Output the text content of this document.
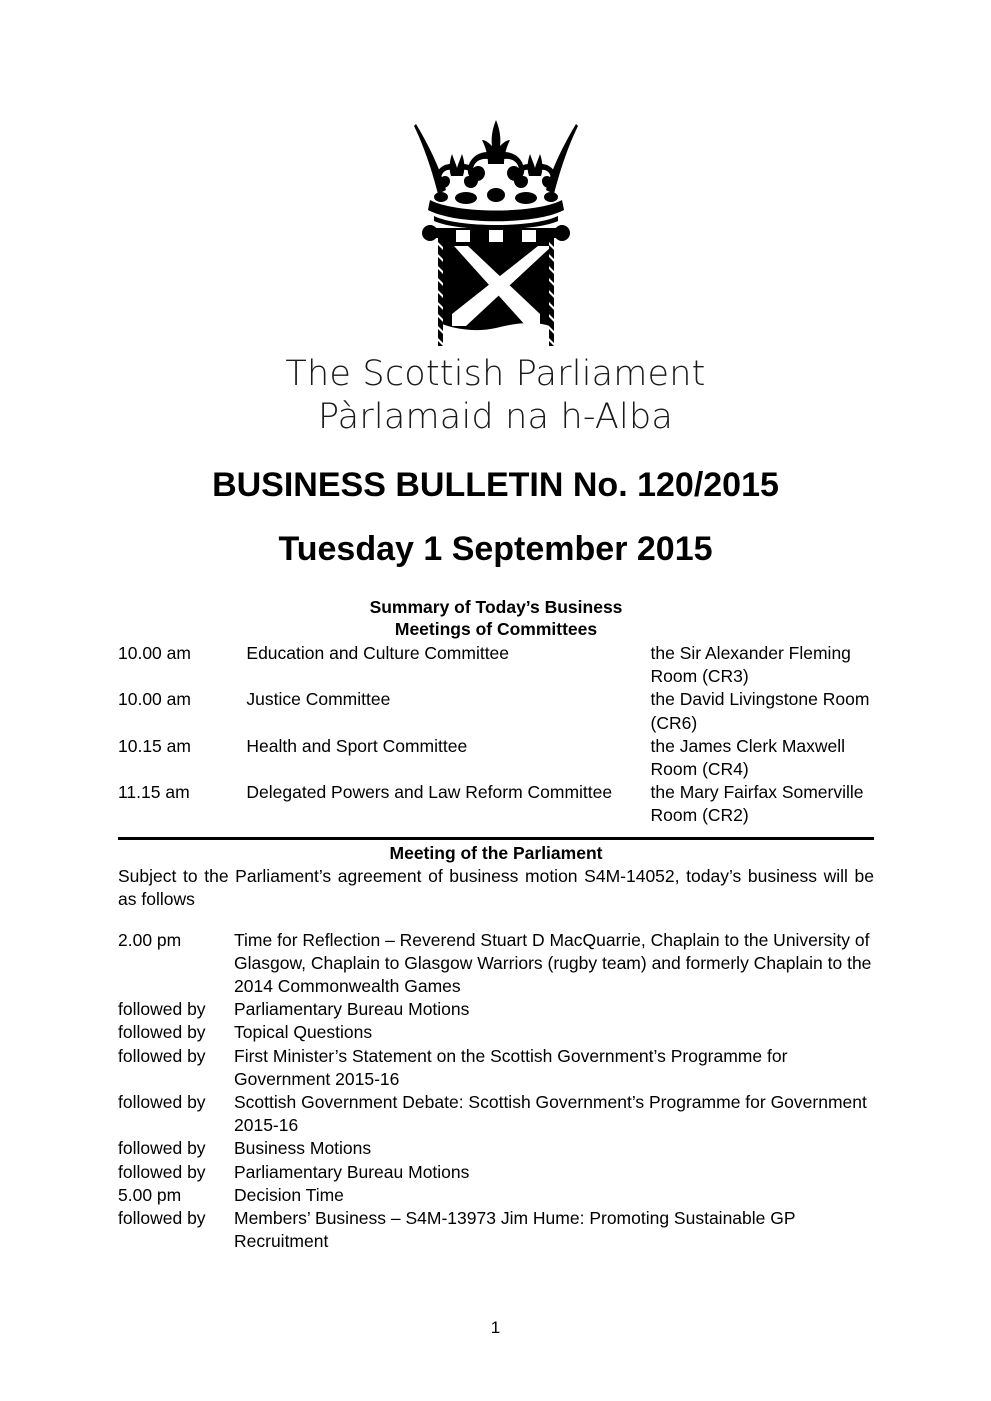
The Scottish Parliament
Pàrlamaid na h-Alba
BUSINESS BULLETIN No. 120/2015
Tuesday 1 September 2015
Summary of Today’s Business
Meetings of Committees
10.00 am	Education and Culture Committee	the Sir Alexander Fleming Room (CR3)
10.00 am	Justice Committee	the David Livingstone Room (CR6)
10.15 am	Health and Sport Committee	the James Clerk Maxwell Room (CR4)
11.15 am	Delegated Powers and Law Reform Committee	the Mary Fairfax Somerville Room (CR2)
Meeting of the Parliament

Subject to the Parliament’s agreement of business motion S4M-14052, today’s business will be as follows

2.00 pm	Time for Reflection – Reverend Stuart D MacQuarrie, Chaplain to the University of Glasgow, Chaplain to Glasgow Warriors (rugby team) and formerly Chaplain to the 2014 Commonwealth Games
followed by	Parliamentary Bureau Motions
followed by	Topical Questions
followed by	First Minister’s Statement on the Scottish Government’s Programme for Government 2015-16
followed by	Scottish Government Debate: Scottish Government’s Programme for Government 2015-16
followed by	Business Motions
followed by	Parliamentary Bureau Motions
5.00 pm	Decision Time
followed by	Members’ Business – S4M-13973 Jim Hume: Promoting Sustainable GP Recruitment
1
